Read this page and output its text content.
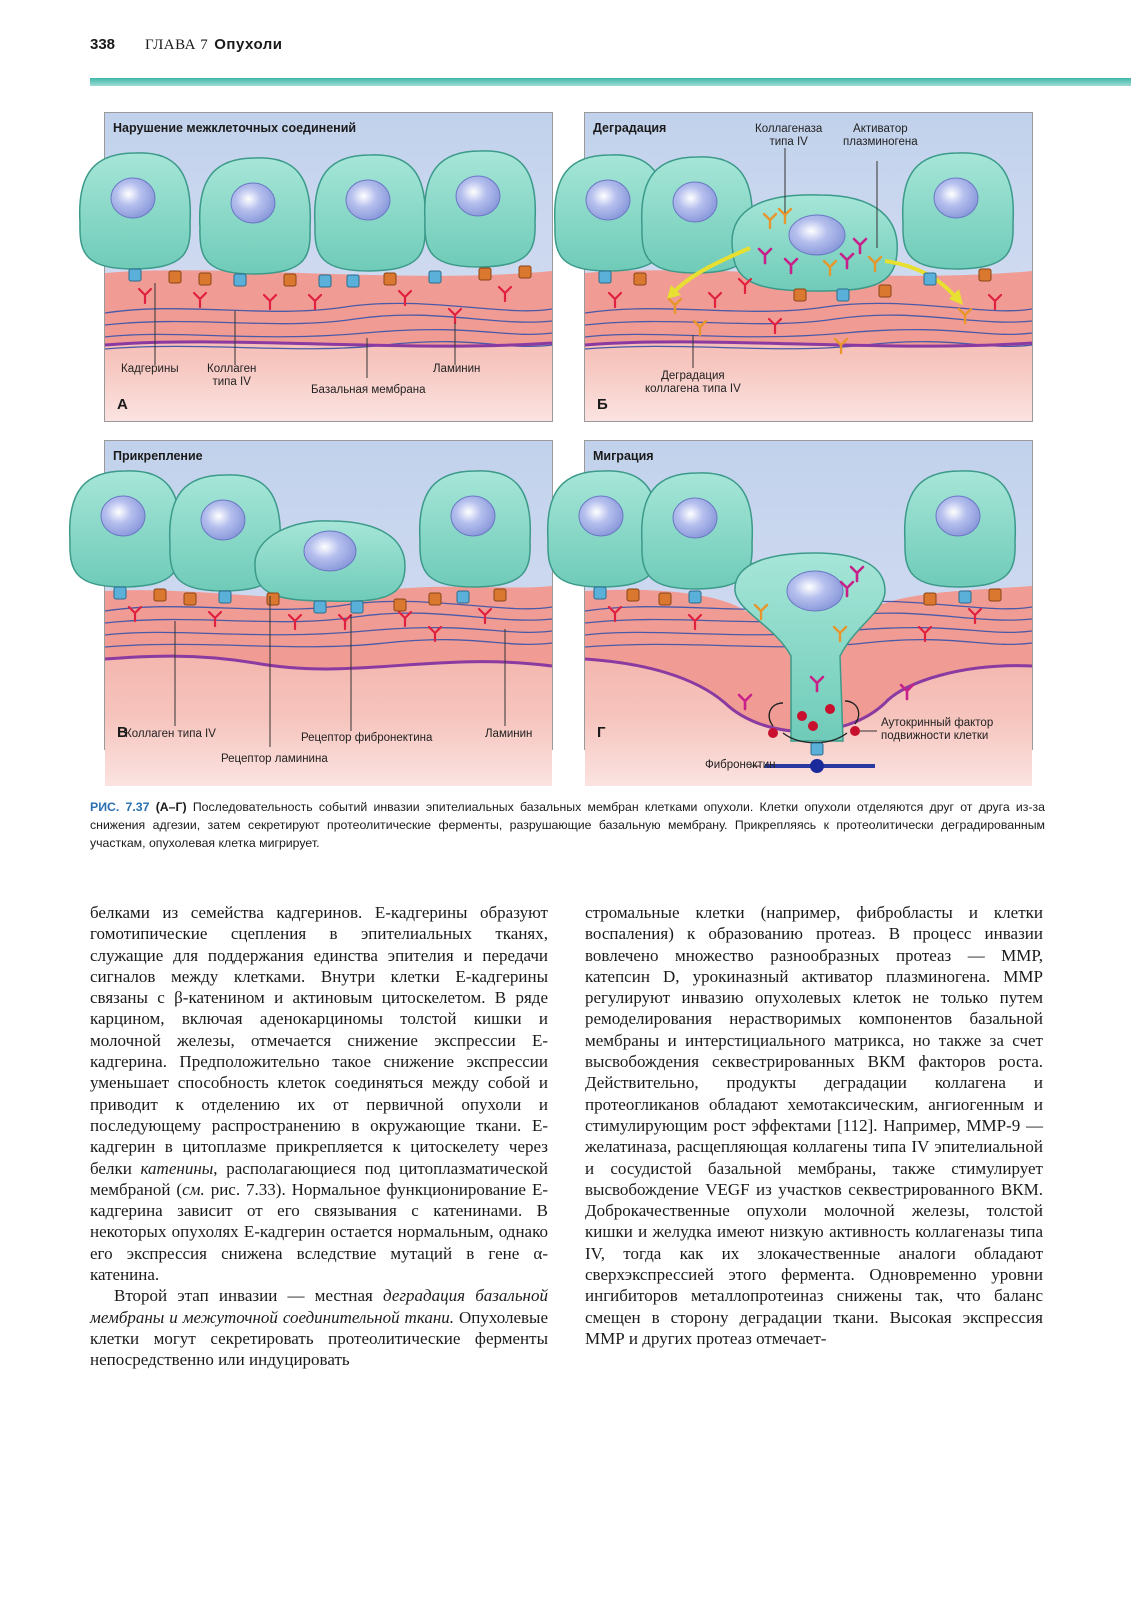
338 ГЛАВА 7 Опухоли
Нарушение межклеточных соединений
Кадгерины Коллаген
типа IV
Ламинин
Базальная мембрана
А
Деградация	Коллагеназа
типа IV
Активатор
плазминогена
Деградация
коллагена типа IV
Б
Прикрепление
Коллаген типа IV	Рецептор фибронектина	Ламинин
Рецептор ламинина
В
Миграция
Аутокринный фактор
подвижности клетки
Фибронектин
Г
РИС. 7.37 (А–Г) Последовательность событий инвазии эпителиальных базальных мембран клетками опухоли. Клетки опухоли отделяются друг от друга из-за снижения адгезии, затем секретируют протеолитические ферменты, разрушающие базальную мембрану. Прикрепляясь к протеолитически деградированным участкам, опухолевая клетка мигрирует.

белками из семейства кадгеринов. Е-кадгерины образуют гомотипические сцепления в эпителиальных тканях, служащие для поддержания единства эпителия и передачи сигналов между клетками. Внутри клетки Е-кадгерины связаны с β-катенином и актиновым цитоскелетом. В ряде карцином, включая аденокарциномы толстой кишки и молочной железы, отмечается снижение экспрессии Е-кадгерина. Предположительно такое снижение экспрессии уменьшает способность клеток соединяться между собой и приводит к отделению их от первичной опухоли и последующему распространению в окружающие ткани. Е-кадгерин в цитоплазме прикрепляется к цитоскелету через белки катенины, располагающиеся под цитоплазматической мембраной (см. рис. 7.33). Нормальное функционирование Е-кадгерина зависит от его связывания с катенинами. В некоторых опухолях Е-кадгерин остается нормальным, однако его экспрессия снижена вследствие мутаций в гене α-катенина.

Второй этап инвазии — местная деградация базальной мембраны и межуточной соединительной ткани. Опухолевые клетки могут секретировать протеолитические ферменты непосредственно или индуцировать

стромальные клетки (например, фибробласты и клетки воспаления) к образованию протеаз. В процесс инвазии вовлечено множество разнообразных протеаз — ММР, катепсин D, урокиназный активатор плазминогена. ММР регулируют инвазию опухолевых клеток не только путем ремоделирования нерастворимых компонентов базальной мембраны и интерстициального матрикса, но также за счет высвобождения секвестрированных ВКМ факторов роста. Действительно, продукты деградации коллагена и протеогликанов обладают хемотаксическим, ангиогенным и стимулирующим рост эффектами [112]. Например, ММР-9 — желатиназа, расщепляющая коллагены типа IV эпителиальной и сосудистой базальной мембраны, также стимулирует высвобождение VEGF из участков секвестрированного ВКМ. Доброкачественные опухоли молочной железы, толстой кишки и желудка имеют низкую активность коллагеназы типа IV, тогда как их злокачественные аналоги обладают сверхэкспрессией этого фермента. Одновременно уровни ингибиторов металлопротеиназ снижены так, что баланс смещен в сторону деградации ткани. Высокая экспрессия ММР и других протеаз отмечает-
